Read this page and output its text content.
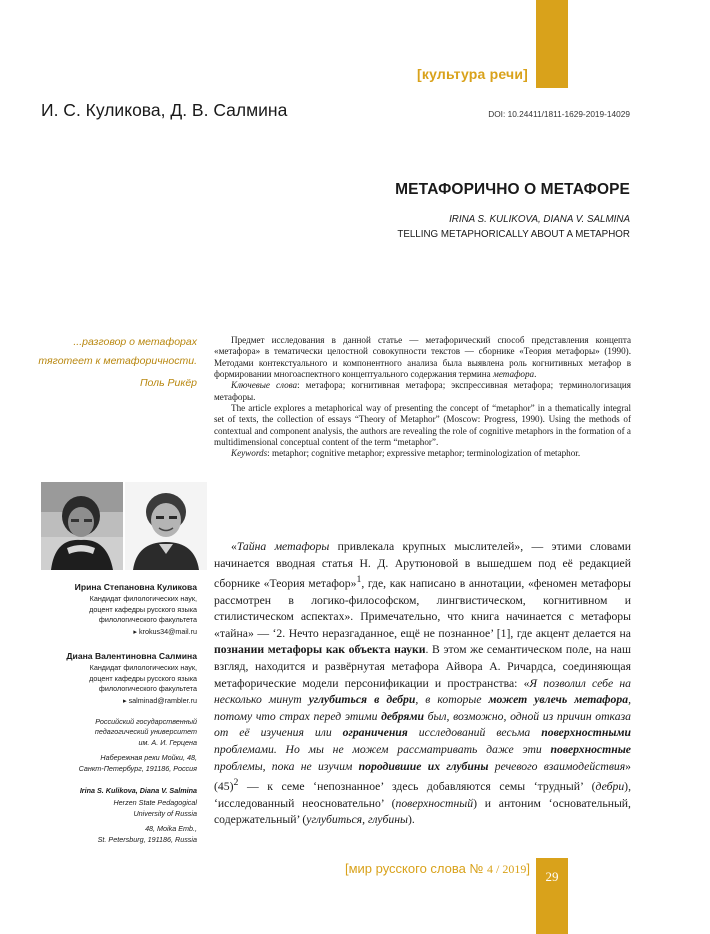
[культура речи]
И. С. Куликова, Д. В. Салмина	DOI: 10.24411/1811-1629-2019-14029
МЕТАФОРИЧНО О МЕТАФОРЕ
IRINA S. KULIKOVA, DIANA V. SALMINA
TELLING METAPHORICALLY ABOUT A METAPHOR
...разговор о метафорах
тяготеет к метафоричности.
Поль Рикёр

Предмет исследования в данной статье — метафорический способ представления концепта «метафора» в тематически целостной совокупности текстов — сборнике «Теория метафоры» (1990). Методами контекстуального и компонентного анализа была выявлена роль когнитивных метафор в формировании многоаспектного концептуального содержания термина метафора.

Ключевые слова: метафора; когнитивная метафора; экспрессивная метафора; терминологизация метафоры.

The article explores a metaphorical way of presenting the concept of “metaphor” in a thematically integral set of texts, the collection of essays “Theory of Metaphor” (Moscow: Progress, 1990). Using the methods of contextual and component analysis, the authors are revealing the role of cognitive metaphors in the formation of a multidimensional conceptual content of the term “metaphor”.

Keywords: metaphor; cognitive metaphor; expressive metaphor; terminologization of metaphor.

Ирина Степановна Куликова
Кандидат филологических наук,
доцент кафедры русского языка
филологического факультета
▸ krokus34@mail.ru
Диана Валентиновна Салмина
Кандидат филологических наук,
доцент кафедры русского языка
филологического факультета
▸ salminad@rambler.ru
Российский государственный
педагогический университет
им. А. И. Герцена
Набережная реки Мойки, 48,
Санкт-Петербург, 191186, Россия
Irina S. Kulikova, Diana V. Salmina
Herzen State Pedagogical
University of Russia
48, Moika Emb.,
St. Petersburg, 191186, Russia

«Тайна метафоры привлекала крупных мыслителей», — этими словами начинается вводная статья Н. Д. Арутюновой в вышедшем под её редакцией сборнике «Теория метафор»$^1$, где, как написано в аннотации, «феномен метафоры рассмотрен в логико-философском, лингвистическом, когнитивном и стилистическом аспектах». Примечательно, что книга начинается с метафоры «тайна» — ‘2. Нечто неразгаданное, ещё не познанное’ [1], где акцент делается на познании метафоры как объекта науки. В этом же семантическом поле, на наш взгляд, находится и развёрнутая метафора Айвора А. Ричардса, соединяющая метафорические модели персонификации и пространства: «Я позволил себе на несколько минут углубиться в дебри, в которые может увлечь метафора, потому что страх перед этими дебрями был, возможно, одной из причин отказа от её изучения или ограничения исследований весьма поверхностными проблемами. Но мы не можем рассматривать даже эти поверхностные проблемы, пока не изучим породившие их глубины речевого взаимодействия» $(45)^2$ — к семе ‘непознанное’ здесь добавляются семы ‘трудный’ (дебри), ‘исследованный неосновательно’ (поверхностный) и антоним ‘основательный, содержательный’ (углубиться, глубины).

[мир русского слова № 4 / 2019]
29
